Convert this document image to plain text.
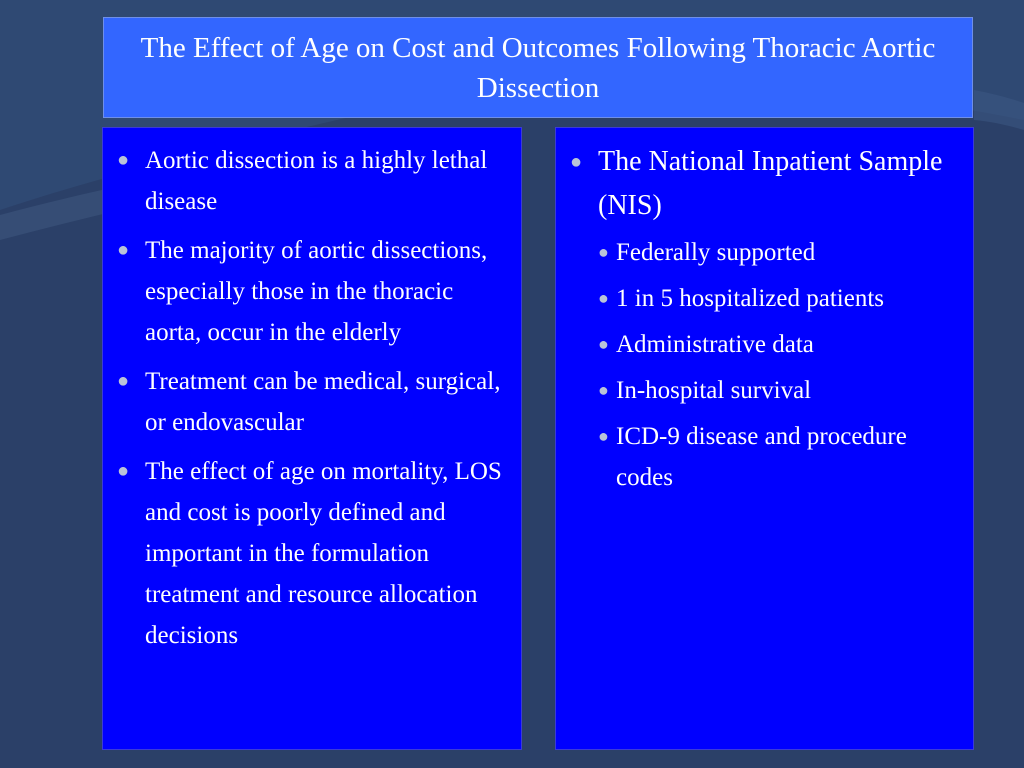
The Effect of Age on Cost and Outcomes Following Thoracic Aortic Dissection
● Aortic dissection is a highly lethal disease
● The majority of aortic dissections, especially those in the thoracic aorta, occur in the elderly
● Treatment can be medical, surgical, or endovascular
● The effect of age on mortality, LOS and cost is poorly defined and important in the formulation treatment and resource allocation decisions
● The National Inpatient Sample (NIS)
● Federally supported
● 1 in 5 hospitalized patients
● Administrative data
● In-hospital survival
● ICD-9 disease and procedure codes
